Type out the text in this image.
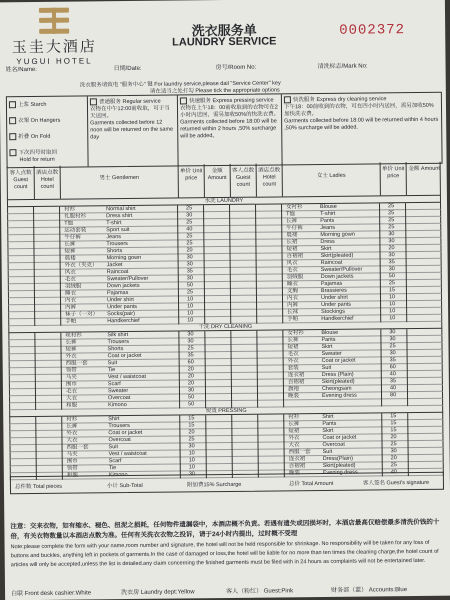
玉圭大酒店
YUGUI HOTEL
洗衣服务单
LAUNDRY SERVICE
0002372
姓名/Name:	日期/Date:	房号/Room No:	清洗标志/Mark No:
洗衣服务请致电 "服务中心" 键 For laundry service,please dail "Service Center" key
请在适当之处打勾 Please tick the appropriate options
上浆 Starch
衣架 On Hangers
折叠 On Fold
下次四号时取回
Hold for return
普通服务 Regular service
衣物在中午12:00前收取，可于当天送回。
Garments collected before 12 noon will be returned on the same day
快速服务 Express pressing service
衣物在上午18：00前收取到的衣物可在2小时内送回，需另加收50%的快洗衣费。
Garments collected before 18:00 will be returned within 2 hours ,50% surcharge will be added。
快洗服务 Express dry cleaning service
下午18：00前收到的衣物，可在四小时内送回，需另加收50%加快洗衣费。
Garments collected before 18:00 will be returned within 4 hours ,50% surcharge will be added.
客人点数 Guest count
酒店点数 Hotel count
男士 Gentlemen
单价 Unit price
金额 Amount
客人点数 Guest count
酒店点数 Hotel count
女士 Ladies
单价 Unit price
金额 Amount
水洗 LAUNDRY
衬衫	Normal shirt	25	女衬衫	Blouse	25
礼服衬衫	Dress shirt	30	T恤	T-shirt	25
T恤	T-shirt	25	长裤	Pants	25
运动套装	Sport suit	40	牛仔裤	Jeans	25
牛仔裤	Jeans	25	晨褛	Morning gown	30
长裤	Trousers	25	长裙	Dress	30
短裤	Shorts	20	短裙	Skirt	20
晨褛	Morning gown	30	百褶裙	Skirt(pleated)	30
外衣（夹克） Jacket	30	风衣	Raincoat	35
风衣	Raincoat	35	毛衣	Sweater/Pullover	30
毛衣	Sweater/Pullover	30	羽绒服	Down jackets	50
羽绒服	Down jackets	50	睡衣	Pajamas	25
睡衣	Pajamas	25	文胸	Brassieres	15
内衣	Under shirt	10	内衣	Under shirt	10
内裤	Under pants	10	内裤	Under pants	10
袜子（一对） Socks(pair)	10	长袜	Stockings	10
手帕	Handkerchief	10	手帕	Handkerchief	10
干洗 DRY CLEANING
丝衬衫	Silk shirt	30	女衬衫	Blouse	30
长裤	Trousers	30	长裤	Pants	30
短裤	Shorts	25	短裙	Skirt	25
外衣	Coat or jacket	35	毛衣	Sweater	30
西服一套	Suit	60	外衣	Coat or jacket	35
领带	Tie	20	套装	Suit	60
马夹	Vest / waistcoat	20	连衣裙	Dress (Plain)	40
围巾	Scarf	20	百褶裙	Skirt(pleated)	35
毛衣	Sweater	30	旗袍	Cheongsam	40
大衣	Overcoat	50	晚装	Evening dress	80
和服	Kimono	50
熨烫 PRESSING
衬衫	Shirt	15	衬衫	Shirt	15
长裤	Trousers	15	长裤	Pants	15
外衣	Coat or jacket	20	短裙	Skirt	15
大衣	Overcoat	25	外衣	Coat or jacket	20
西服一套	Suit	30	大衣	Overcoat	25
马夹	Vest / waistcoat	10	西服一套 Suit	30
围巾	Scarf	10	连衣裙	Dress(Plain)	20
领带	Tie	10	百褶裙	Skirt(pleated)	25
和服	Kimono	30	晚装	Evening dress	40
总件数 Total pieces	小计 Sub-Total	附加费15% Surcharge	总价 Total Amount	客人签名 Guest's signature
注意：交来衣物，如有缩水、褪色、扭泥之损耗，任何物件遗漏袋中，本酒店概不负责。若遇有遗失或因损坏时，本酒店最高仅赔偿最多清洗价钱的十倍，有关衣物数量以本酒店点数为准。任何有关洗衣衣物之投诉，请于24小时内提出，过时概不受理
Note:please complete the form with your name,room number and signature, the hotel will not be held responsible for shrinkage. No responsibility will be taken for any loss of buttons and buckles, anything left in pockets of garments.In the case of damaged or loss,the hotel will be liable for no more than ten times the cleaning charge,the hotel count of articles will only be accepted,unless the list is detailed.any claim concerning the finished garments must be filed with in 24 hours as complaints will not be entertained later.
白联 Front desk cashier:White	洗衣房 Laundry dept:Yellow	客人（粉红） Guest:Pink	财务部（蓝） Accounts:Blue
